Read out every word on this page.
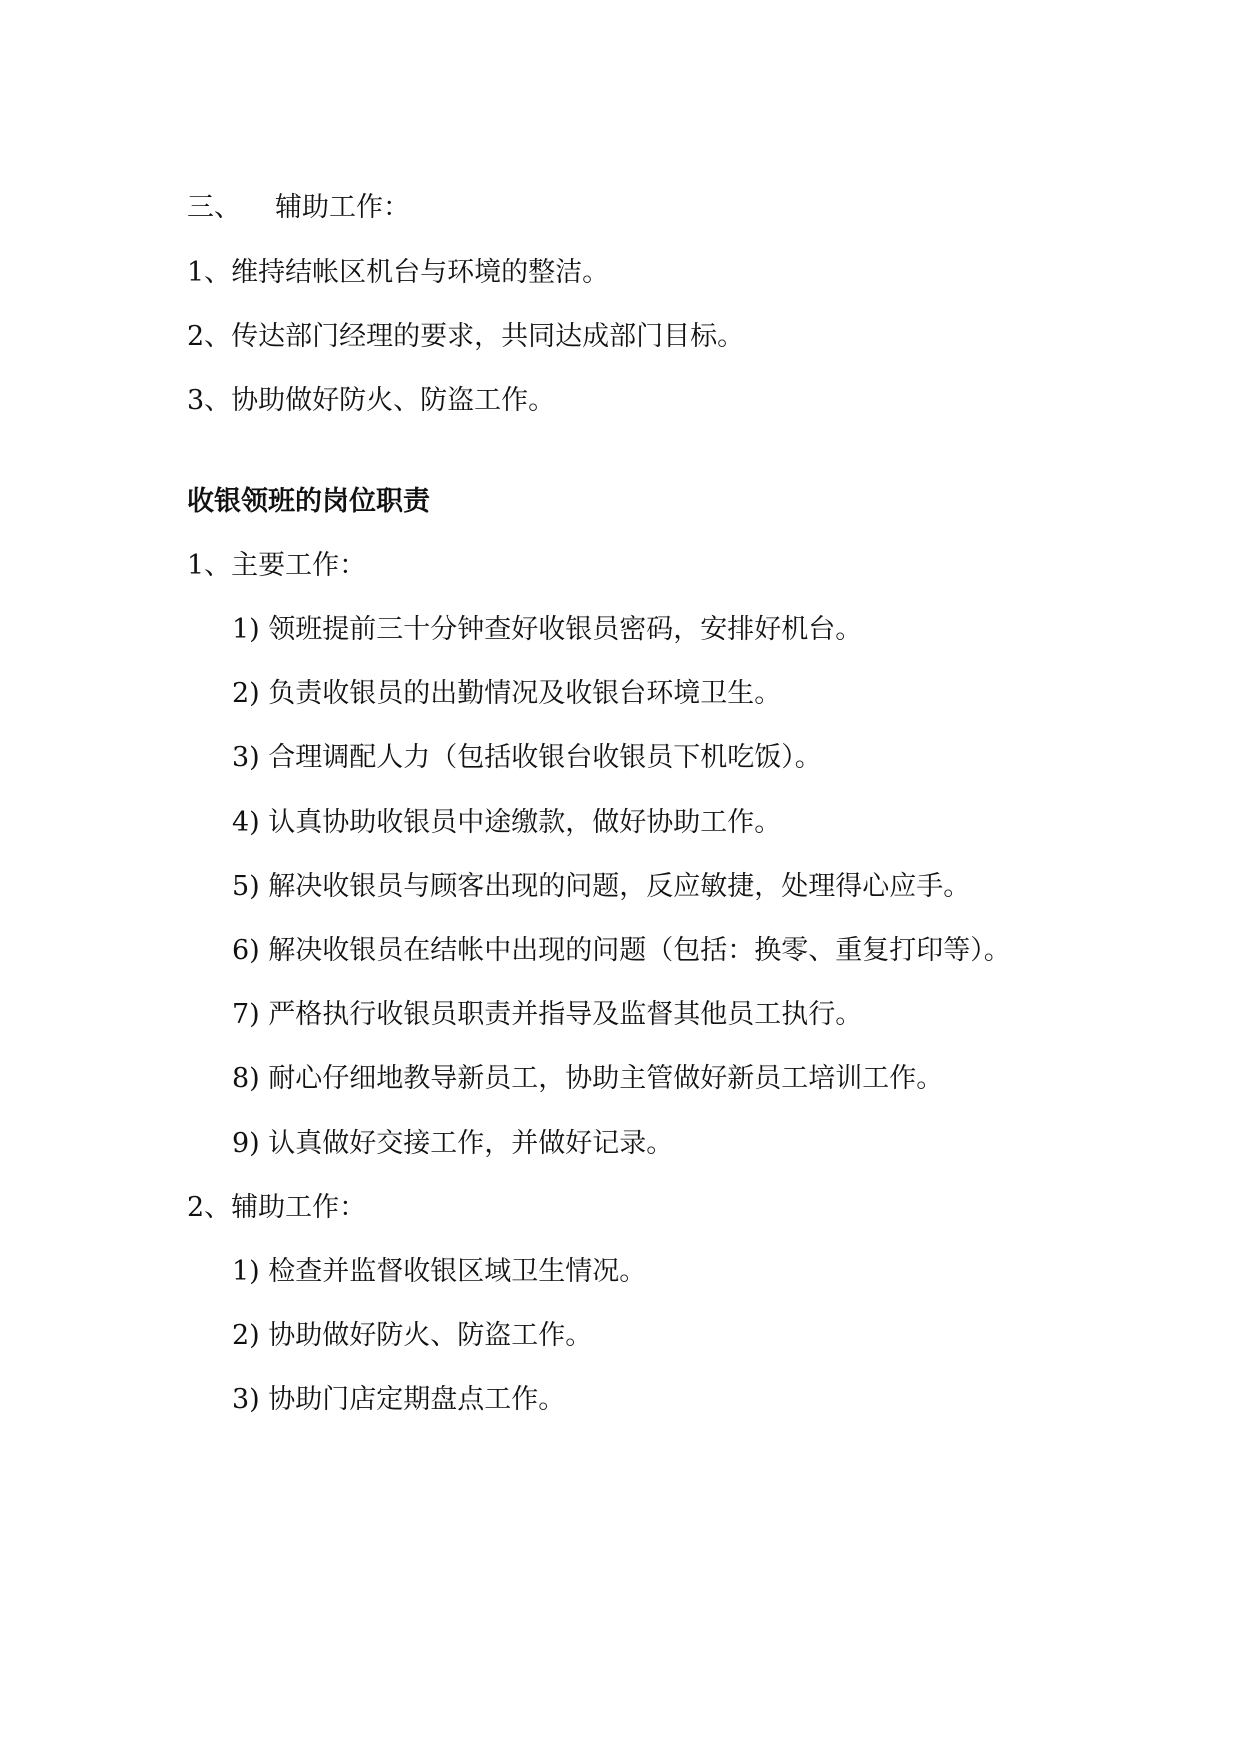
三、 辅助工作：
1、维持结帐区机台与环境的整洁。
2、传达部门经理的要求，共同达成部门目标。
3、协助做好防火、防盗工作。
收银领班的岗位职责
1、主要工作：
1) 领班提前三十分钟查好收银员密码，安排好机台。
2) 负责收银员的出勤情况及收银台环境卫生。
3) 合理调配人力（包括收银台收银员下机吃饭）。
4) 认真协助收银员中途缴款，做好协助工作。
5) 解决收银员与顾客出现的问题，反应敏捷，处理得心应手。
6) 解决收银员在结帐中出现的问题（包括：换零、重复打印等）。
7) 严格执行收银员职责并指导及监督其他员工执行。
8) 耐心仔细地教导新员工，协助主管做好新员工培训工作。
9) 认真做好交接工作，并做好记录。
2、辅助工作：
1) 检查并监督收银区域卫生情况。
2) 协助做好防火、防盗工作。
3) 协助门店定期盘点工作。
